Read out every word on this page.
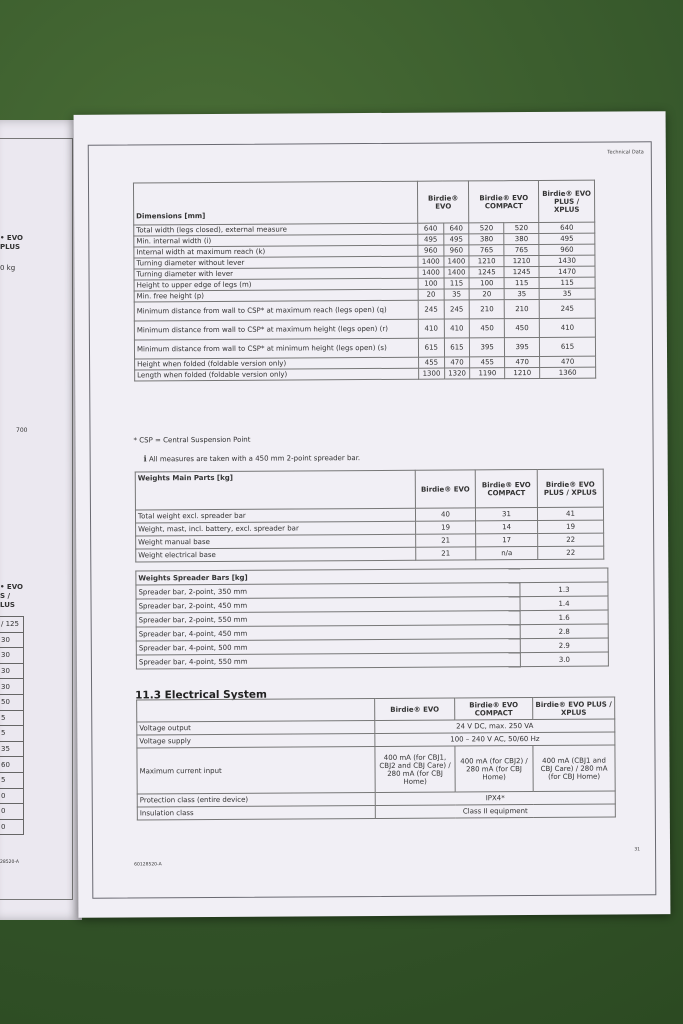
• EVO
PLUS
0 kg
700
• EVO
S /
LUS
/ 125
30
30
30
30
50
5
5
35
60
5
0
0
0
28520-A
Technical Data
Dimensions [mm]	Birdie® EVO		Birdie® EVO COMPACT		Birdie® EVO PLUS / XPLUS
Total width (legs closed), external measure	640	640	520	520	640
Min. internal width (i)	495	495	380	380	495
Internal width at maximum reach (k)	960	960	765	765	960
Turning diameter without lever	1400	1400	1210	1210	1430
Turning diameter with lever	1400	1400	1245	1245	1470
Height to upper edge of legs (m)	100	115	100	115	115
Min. free height (p)	20	35	20	35	35
Minimum distance from wall to CSP* at maximum reach (legs open) (q)	245	245	210	210	245
Minimum distance from wall to CSP* at maximum height (legs open) (r)	410	410	450	450	410
Minimum distance from wall to CSP* at minimum height (legs open) (s)	615	615	395	395	615
Height when folded (foldable version only)	455	470	455	470	470
Length when folded (foldable version only)	1300	1320	1190	1210	1360
* CSP = Central Suspension Point
ℹ All measures are taken with a 450 mm 2-point spreader bar.
Weights Main Parts [kg]	Birdie® EVO	Birdie® EVO COMPACT	Birdie® EVO PLUS / XPLUS
Total weight excl. spreader bar	40	31	41
Weight, mast, incl. battery, excl. spreader bar	19	14	19
Weight manual base	21	17	22
Weight electrical base	21	n/a	22
Weights Spreader Bars [kg]	
Spreader bar, 2-point, 350 mm	1.3
Spreader bar, 2-point, 450 mm	1.4
Spreader bar, 2-point, 550 mm	1.6
Spreader bar, 4-point, 450 mm	2.8
Spreader bar, 4-point, 500 mm	2.9
Spreader bar, 4-point, 550 mm	3.0
11.3 Electrical System
	Birdie® EVO	Birdie® EVO COMPACT	Birdie® EVO PLUS / XPLUS
Voltage output	24 V DC, max. 250 VA		
Voltage supply	100 – 240 V AC, 50/60 Hz		
Maximum current input	400 mA (for CBJ1, CBJ2 and CBJ Care) / 280 mA (for CBJ Home)	400 mA (for CBJ2) / 280 mA (for CBJ Home)	400 mA (CBJ1 and CBJ Care) / 280 mA (for CBJ Home)
Protection class (entire device)	IPX4*		
Insulation class	Class II equipment		
60128520-A
31
